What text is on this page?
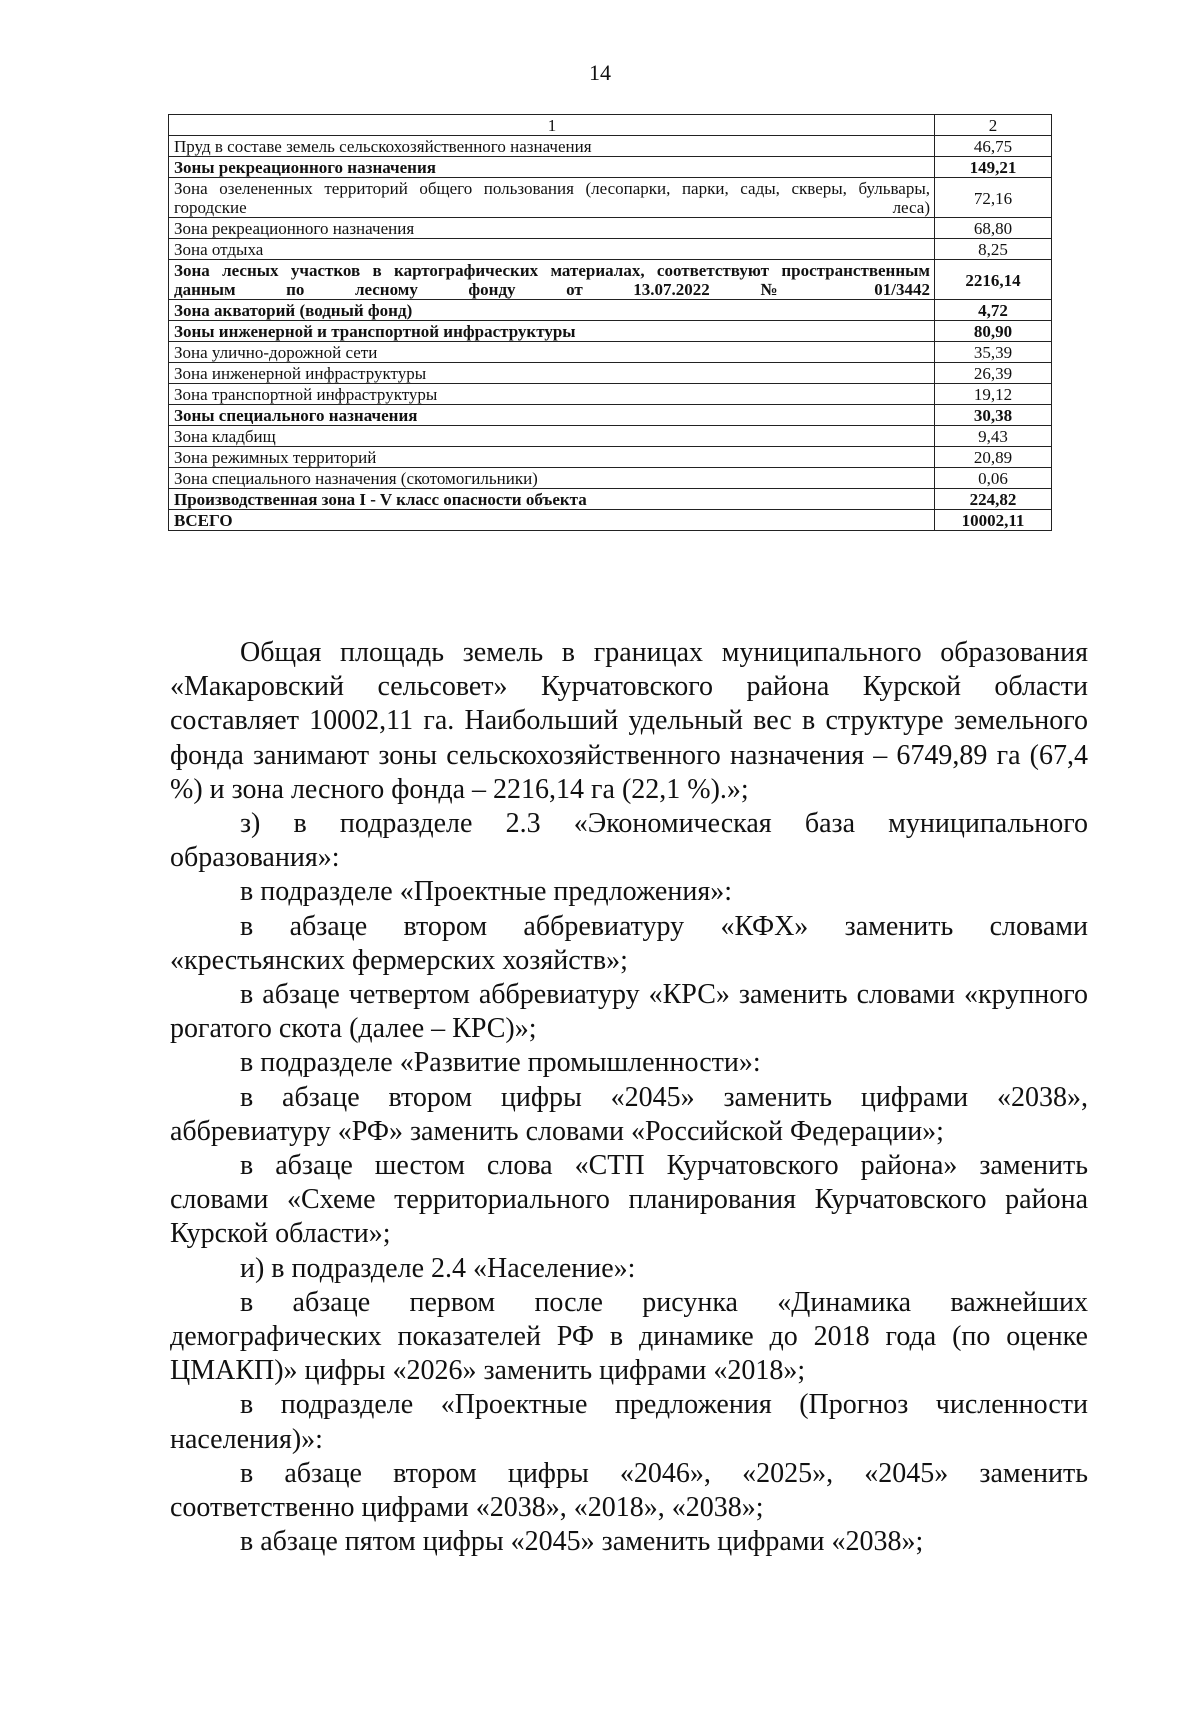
14
1	2
Пруд в составе земель сельскохозяйственного назначения	46,75
Зоны рекреационного назначения	149,21
Зона озелененных территорий общего пользования (лесопарки, парки, сады, скверы, бульвары, городские леса)	72,16
Зона рекреационного назначения	68,80
Зона отдыха	8,25
Зона лесных участков в картографических материалах, соответствуют пространственным данным по лесному фонду от 13.07.2022 № 01/3442	2216,14
Зона акваторий (водный фонд)	4,72
Зоны инженерной и транспортной инфраструктуры	80,90
Зона улично-дорожной сети	35,39
Зона инженерной инфраструктуры	26,39
Зона транспортной инфраструктуры	19,12
Зоны специального назначения	30,38
Зона кладбищ	9,43
Зона режимных территорий	20,89
Зона специального назначения (скотомогильники)	0,06
Производственная зона I - V класс опасности объекта	224,82
ВСЕГО	10002,11

Общая площадь земель в границах муниципального образования «Макаровский сельсовет» Курчатовского района Курской области составляет 10002,11 га. Наибольший удельный вес в структуре земельного фонда занимают зоны сельскохозяйственного назначения – 6749,89 га (67,4 %) и зона лесного фонда – 2216,14 га (22,1 %).»;

з) в подразделе 2.3 «Экономическая база муниципального образования»:

в подразделе «Проектные предложения»:

в абзаце втором аббревиатуру «КФХ» заменить словами «крестьянских фермерских хозяйств»;

в абзаце четвертом аббревиатуру «КРС» заменить словами «крупного рогатого скота (далее – КРС)»;

в подразделе «Развитие промышленности»:

в абзаце втором цифры «2045» заменить цифрами «2038», аббревиатуру «РФ» заменить словами «Российской Федерации»;

в абзаце шестом слова «СТП Курчатовского района» заменить словами «Схеме территориального планирования Курчатовского района Курской области»;

и) в подразделе 2.4 «Население»:

в абзаце первом после рисунка «Динамика важнейших демографических показателей РФ в динамике до 2018 года (по оценке ЦМАКП)» цифры «2026» заменить цифрами «2018»;

в подразделе «Проектные предложения (Прогноз численности населения)»:

в абзаце втором цифры «2046», «2025», «2045» заменить соответственно цифрами «2038», «2018», «2038»;

в абзаце пятом цифры «2045» заменить цифрами «2038»;
